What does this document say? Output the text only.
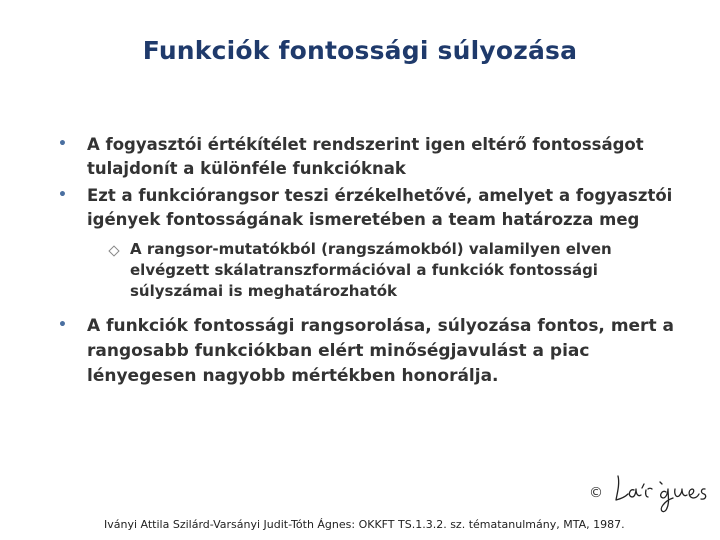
Funkciók fontossági súlyozása
• A fogyasztói értékítélet rendszerint igen eltérő fontosságot tulajdonít a különféle funkcióknak
• Ezt a funkciórangsor teszi érzékelhetővé, amelyet a fogyasztói igények fontosságának ismeretében a team határozza meg
A rangsor-mutatókból (rangszámokból) valamilyen elven elvégzett skálatranszformációval a funkciók fontossági súlyszámai is meghatározhatók
• A funkciók fontossági rangsorolása, súlyozása fontos, mert a rangosabb funkciókban elért minőségjavulást a piac lényegesen nagyobb mértékben honorálja.
©
Iványi Attila Szilárd-Varsányi Judit-Tóth Ágnes: OKKFT TS.1.3.2. sz. tématanulmány, MTA, 1987.
